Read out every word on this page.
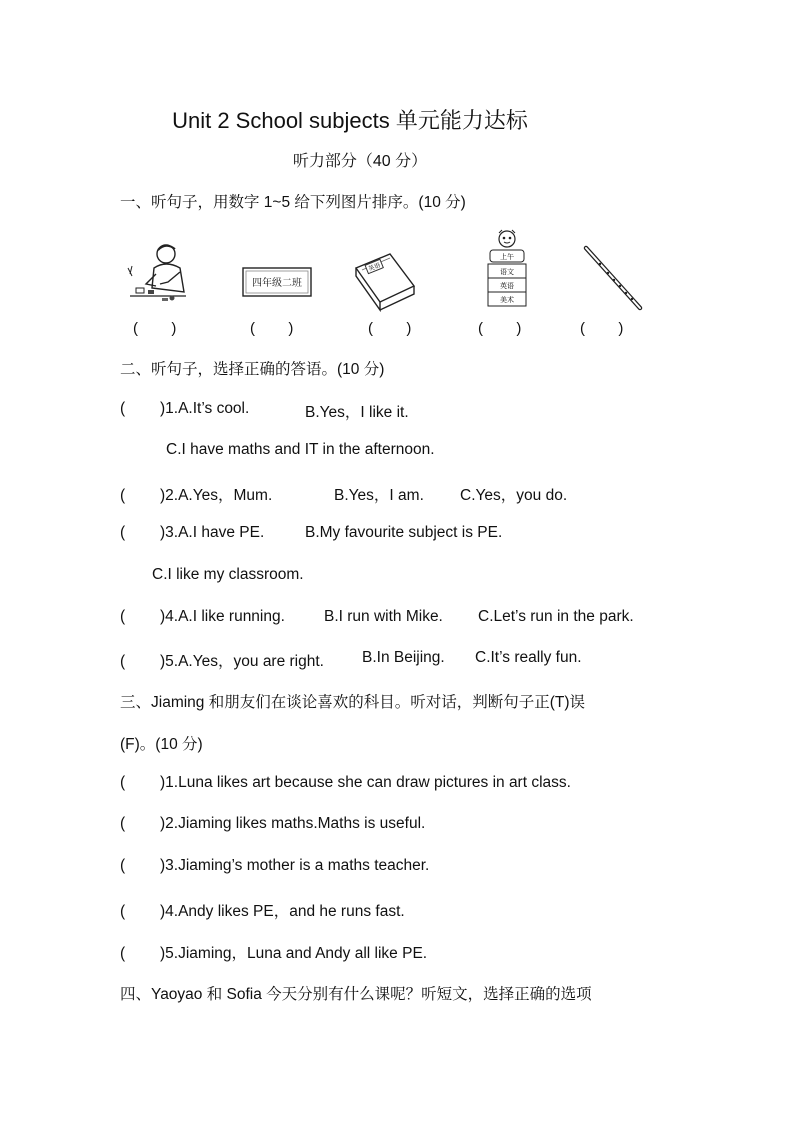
Unit 2 School subjects 单元能力达标
听力部分（40 分）
一、听句子，用数字 1~5 给下列图片排序。(10 分)
四年级二班
英语
上午
语文
英语
美术
(        )	(        )	(        )	(        )	(        )
二、听句子，选择正确的答语。(10 分)
( )1.A.It’s cool.	B.Yes，I like it.
C.I have maths and IT in the afternoon.
( )2.A.Yes，Mum.	B.Yes，I am. C.Yes，you do.
( )3.A.I have PE.	B.My favourite subject is PE.
C.I like my classroom.
( )4.A.I like running.	B.I run with Mike. C.Let’s run in the park.
( )5.A.Yes，you are right. B.In Beijing. C.It’s really fun.
三、Jiaming 和朋友们在谈论喜欢的科目。听对话，判断句子正(T)误
(F)。(10 分)
( )1.Luna likes art because she can draw pictures in art class.
( )2.Jiaming likes maths.Maths is useful.
( )3.Jiaming’s mother is a maths teacher.
( )4.Andy likes PE，and he runs fast.
( )5.Jiaming，Luna and Andy all like PE.
四、Yaoyao 和 Sofia 今天分别有什么课呢？听短文，选择正确的选项
